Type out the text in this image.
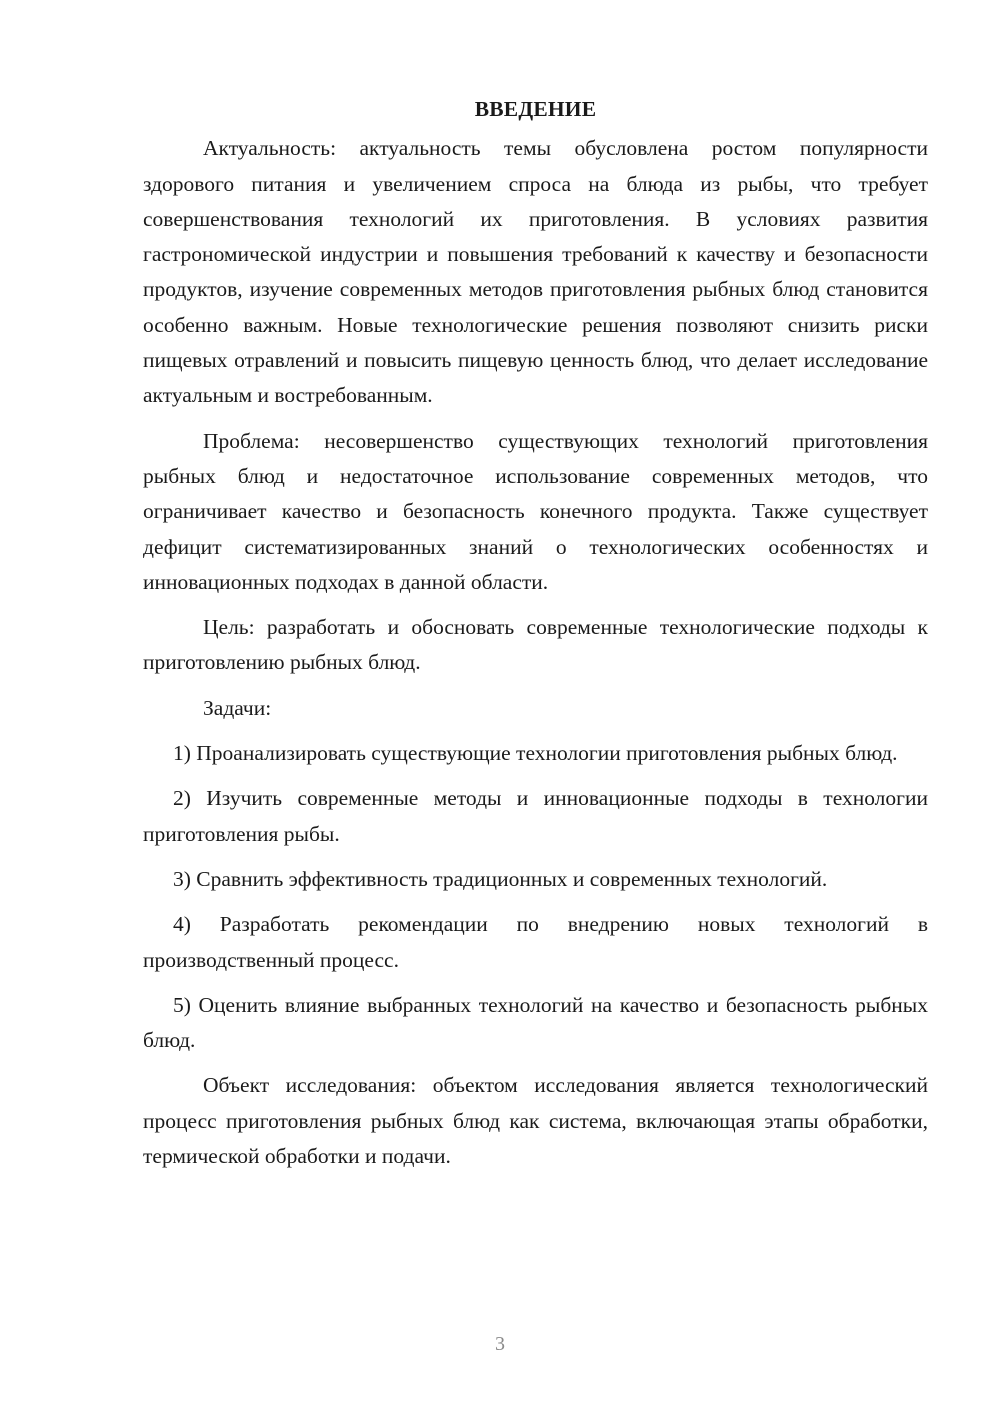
ВВЕДЕНИЕ

Актуальность: актуальность темы обусловлена ростом популярности здорового питания и увеличением спроса на блюда из рыбы, что требует совершенствования технологий их приготовления. В условиях развития гастрономической индустрии и повышения требований к качеству и безопасности продуктов, изучение современных методов приготовления рыбных блюд становится особенно важным. Новые технологические решения позволяют снизить риски пищевых отравлений и повысить пищевую ценность блюд, что делает исследование актуальным и востребованным.

Проблема: несовершенство существующих технологий приготовления рыбных блюд и недостаточное использование современных методов, что ограничивает качество и безопасность конечного продукта. Также существует дефицит систематизированных знаний о технологических особенностях и инновационных подходах в данной области.

Цель: разработать и обосновать современные технологические подходы к приготовлению рыбных блюд.

Задачи:

1) Проанализировать существующие технологии приготовления рыбных блюд.

2) Изучить современные методы и инновационные подходы в технологии приготовления рыбы.

3) Сравнить эффективность традиционных и современных технологий.

4) Разработать рекомендации по внедрению новых технологий в производственный процесс.

5) Оценить влияние выбранных технологий на качество и безопасность рыбных блюд.

Объект исследования: объектом исследования является технологический процесс приготовления рыбных блюд как система, включающая этапы обработки, термической обработки и подачи.

3
